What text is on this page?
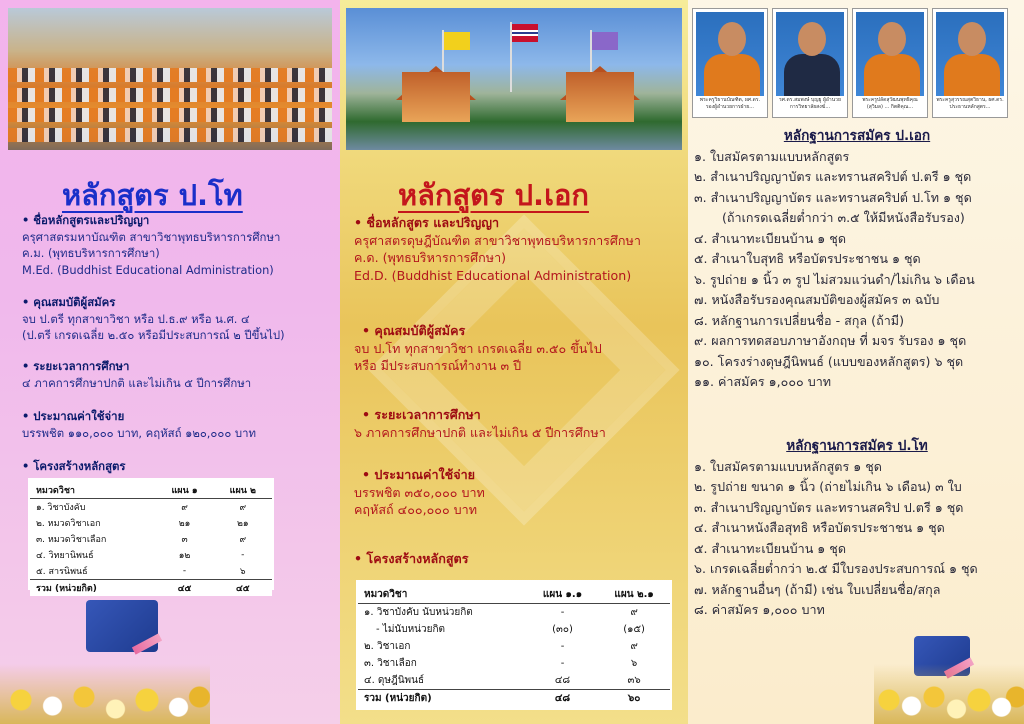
หลักสูตร ป.โท
• ชื่อหลักสูตรและปริญญา
ครุศาสตรมหาบัณฑิต สาขาวิชาพุทธบริหารการศึกษา
ค.ม. (พุทธบริหารการศึกษา)
M.Ed. (Buddhist Educational Administration)
• คุณสมบัติผู้สมัคร
จบ ป.ตรี ทุกสาขาวิชา หรือ ป.ธ.๙ หรือ น.ศ. ๔
(ป.ตรี เกรดเฉลี่ย ๒.๕๐ หรือมีประสบการณ์ ๒ ปีขึ้นไป)
• ระยะเวลาการศึกษา
๔ ภาคการศึกษาปกติ และไม่เกิน ๕ ปีการศึกษา
• ประมาณค่าใช้จ่าย
บรรพชิต ๑๑๐,๐๐๐ บาท, คฤหัสถ์ ๑๒๐,๐๐๐ บาท
• โครงสร้างหลักสูตร
หมวดวิชา	แผน ๑	แผน ๒
๑. วิชาบังคับ	๙	๙
๒. หมวดวิชาเอก	๒๑	๒๑
๓. หมวดวิชาเลือก	๓	๙
๔. วิทยานิพนธ์	๑๒	-
๕. สารนิพนธ์	-	๖
รวม (หน่วยกิต)	๔๕	๔๕
หลักสูตร ป.เอก
• ชื่อหลักสูตร และปริญญา
ครุศาสตรดุษฎีบัณฑิต สาขาวิชาพุทธบริหารการศึกษา
ค.ด. (พุทธบริหารการศึกษา)
Ed.D. (Buddhist Educational Administration)
• คุณสมบัติผู้สมัคร
จบ ป.โท ทุกสาขาวิชา เกรดเฉลี่ย ๓.๕๐ ขึ้นไป
หรือ มีประสบการณ์ทำงาน ๓ ปี
• ระยะเวลาการศึกษา
๖ ภาคการศึกษาปกติ และไม่เกิน ๕ ปีการศึกษา
• ประมาณค่าใช้จ่าย
บรรพชิต ๓๕๐,๐๐๐ บาท
คฤหัสถ์ ๔๐๐,๐๐๐ บาท
• โครงสร้างหลักสูตร
หมวดวิชา	แผน ๑.๑	แผน ๒.๑
๑. วิชาบังคับ นับหน่วยกิต	-	๙
- ไม่นับหน่วยกิต	(๓๐)	(๑๕)
๒. วิชาเอก	-	๙
๓. วิชาเลือก	-	๖
๔. ดุษฎีนิพนธ์	๔๘	๓๖
รวม (หน่วยกิต)	๔๘	๖๐
พระครูวิธานบัณฑิต, ผศ.ดร. รองผู้อำนวยการฝ่าย...
รศ.ดร.สมพงษ์ บุญยู ผู้อำนวยการวิทยาลัยสงฆ์...
พระครูปลัดสุวัฒนพุทธิคุณ (สุวิมล) ... กิตติคุณ...
พระครูสุวรรณสุตวิธาน, ผศ.ดร. ประธานหลักสูตร...
หลักฐานการสมัคร ป.เอก
๑. ใบสมัครตามแบบหลักสูตร
๒. สำเนาปริญญาบัตร และทรานสคริปต์ ป.ตรี ๑ ชุด
๓. สำเนาปริญญาบัตร และทรานสคริปต์ ป.โท ๑ ชุด
(ถ้าเกรดเฉลี่ยต่ำกว่า ๓.๕ ให้มีหนังสือรับรอง)
๔. สำเนาทะเบียนบ้าน ๑ ชุด
๕. สำเนาใบสุทธิ หรือบัตรประชาชน ๑ ชุด
๖. รูปถ่าย ๑ นิ้ว ๓ รูป ไม่สวมแว่นดำ/ไม่เกิน ๖ เดือน
๗. หนังสือรับรองคุณสมบัติของผู้สมัคร ๓ ฉบับ
๘. หลักฐานการเปลี่ยนชื่อ - สกุล (ถ้ามี)
๙. ผลการทดสอบภาษาอังกฤษ ที่ มจร รับรอง ๑ ชุด
๑๐. โครงร่างดุษฎีนิพนธ์ (แบบของหลักสูตร) ๖ ชุด
๑๑. ค่าสมัคร ๑,๐๐๐ บาท
หลักฐานการสมัคร ป.โท
๑. ใบสมัครตามแบบหลักสูตร ๑ ชุด
๒. รูปถ่าย ขนาด ๑ นิ้ว (ถ่ายไม่เกิน ๖ เดือน) ๓ ใบ
๓. สำเนาปริญญาบัตร และทรานสคริป ป.ตรี ๑ ชุด
๔. สำเนาหนังสือสุทธิ หรือบัตรประชาชน ๑ ชุด
๕. สำเนาทะเบียนบ้าน ๑ ชุด
๖. เกรดเฉลี่ยต่ำกว่า ๒.๕ มีใบรองประสบการณ์ ๑ ชุด
๗. หลักฐานอื่นๆ (ถ้ามี) เช่น ใบเปลี่ยนชื่อ/สกุล
๘. ค่าสมัคร ๑,๐๐๐ บาท
